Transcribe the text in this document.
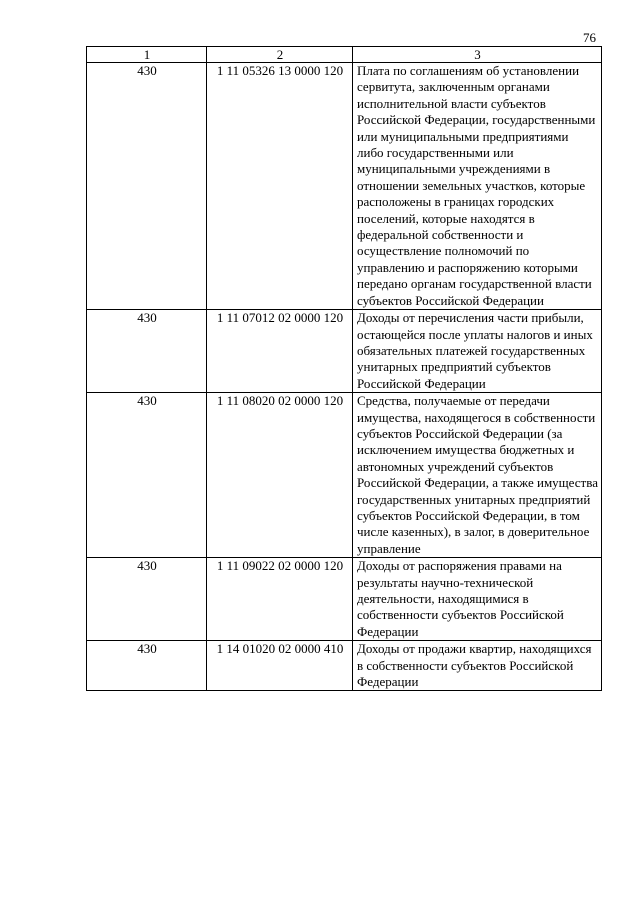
76
1	2	3
430	1 11 05326 13 0000 120	Плата по соглашениям об установлении сервитута, заключенным органами исполнительной власти субъектов Российской Федерации, государственными или муниципальными предприятиями либо государственными или муниципальными учреждениями в отношении земельных участков, которые расположены в границах городских поселений, которые находятся в федеральной собственности и осуществление полномочий по управлению и распоряжению которыми передано органам государственной власти субъектов Российской Федерации
430	1 11 07012 02 0000 120	Доходы от перечисления части прибыли, остающейся после уплаты налогов и иных обязательных платежей государственных унитарных предприятий субъектов Российской Федерации
430	1 11 08020 02 0000 120	Средства, получаемые от передачи имущества, находящегося в собственности субъектов Российской Федерации (за исключением имущества бюджетных и автономных учреждений субъектов Российской Федерации, а также имущества государственных унитарных предприятий субъектов Российской Федерации, в том числе казенных), в залог, в доверительное управление
430	1 11 09022 02 0000 120	Доходы от распоряжения правами на результаты научно-технической деятельности, находящимися в собственности субъектов Российской Федерации
430	1 14 01020 02 0000 410	Доходы от продажи квартир, находящихся в собственности субъектов Российской Федерации
